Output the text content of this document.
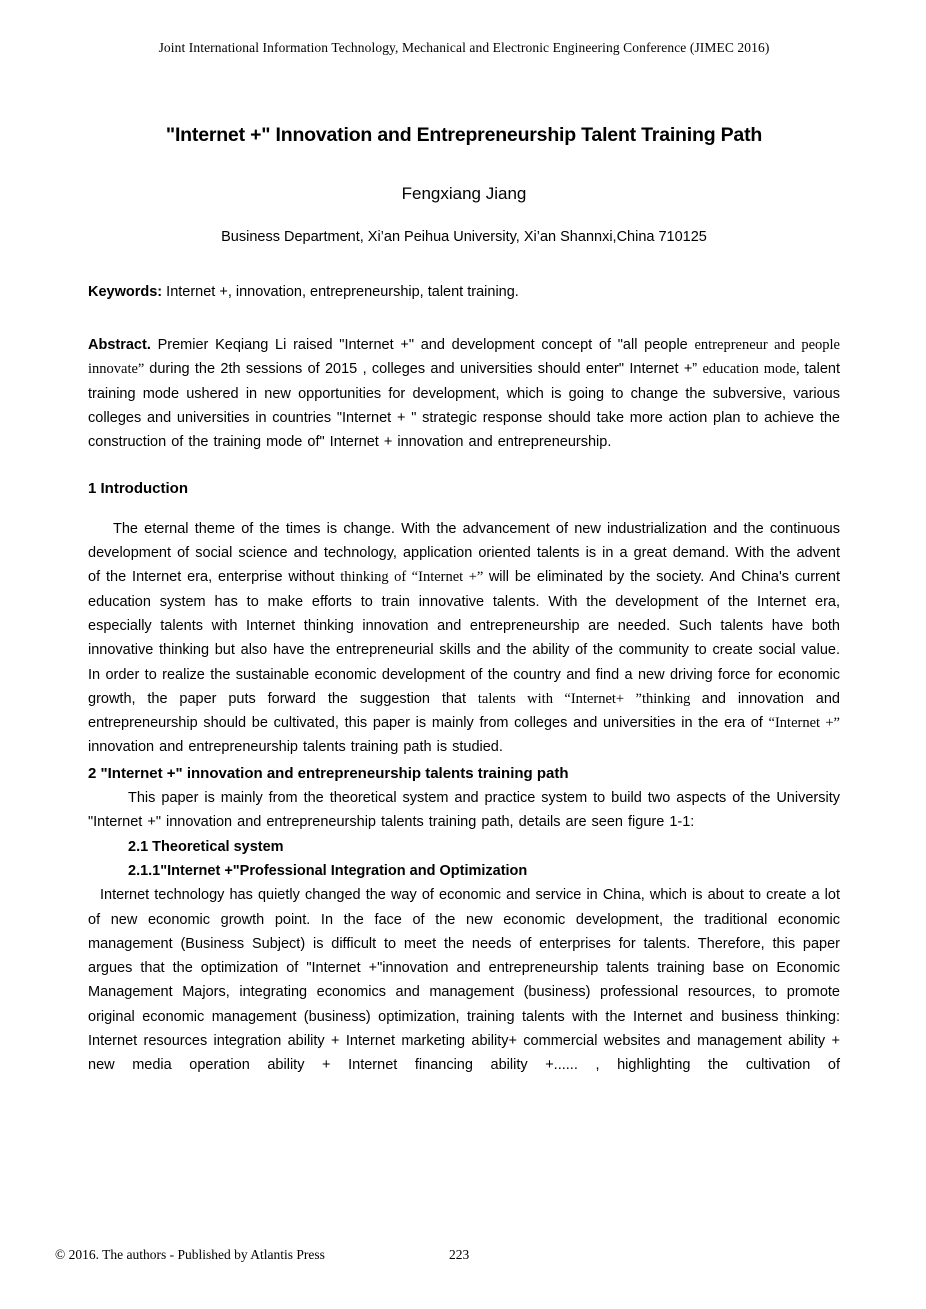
Joint International Information Technology, Mechanical and Electronic Engineering Conference (JIMEC 2016)
"Internet +" Innovation and Entrepreneurship Talent Training Path
Fengxiang Jiang
Business Department, Xi’an Peihua University, Xi’an Shannxi,China 710125
Keywords: Internet +, innovation, entrepreneurship, talent training.

Abstract. Premier Keqiang Li raised "Internet +" and development concept of "all people entrepreneur and people innovate” during the 2th sessions of 2015 , colleges and universities should enter" Internet +” education mode, talent training mode ushered in new opportunities for development, which is going to change the subversive, various colleges and universities in countries "Internet + " strategic response should take more action plan to achieve the construction of the training mode of" Internet + innovation and entrepreneurship.

1 Introduction

The eternal theme of the times is change. With the advancement of new industrialization and the continuous development of social science and technology, application oriented talents is in a great demand. With the advent of the Internet era, enterprise without thinking of “Internet +” will be eliminated by the society. And China's current education system has to make efforts to train innovative talents. With the development of the Internet era, especially talents with Internet thinking innovation and entrepreneurship are needed. Such talents have both innovative thinking but also have the entrepreneurial skills and the ability of the community to create social value. In order to realize the sustainable economic development of the country and find a new driving force for economic growth, the paper puts forward the suggestion that talents with “Internet+ ”thinking and innovation and entrepreneurship should be cultivated, this paper is mainly from colleges and universities in the era of “Internet +” innovation and entrepreneurship talents training path is studied.

2 "Internet +" innovation and entrepreneurship talents training path

This paper is mainly from the theoretical system and practice system to build two aspects of the University "Internet +" innovation and entrepreneurship talents training path, details are seen figure 1-1:

2.1 Theoretical system
2.1.1"Internet +"Professional Integration and Optimization

Internet technology has quietly changed the way of economic and service in China, which is about to create a lot of new economic growth point. In the face of the new economic development, the traditional economic management (Business Subject) is difficult to meet the needs of enterprises for talents. Therefore, this paper argues that the optimization of "Internet +"innovation and entrepreneurship talents training base on Economic Management Majors, integrating economics and management (business) professional resources, to promote original economic management (business) optimization, training talents with the Internet and business thinking: Internet resources integration ability + Internet marketing ability+ commercial websites and management ability + new media operation ability + Internet financing ability +...... , highlighting the cultivation of

© 2016. The authors - Published by Atlantis Press	223
